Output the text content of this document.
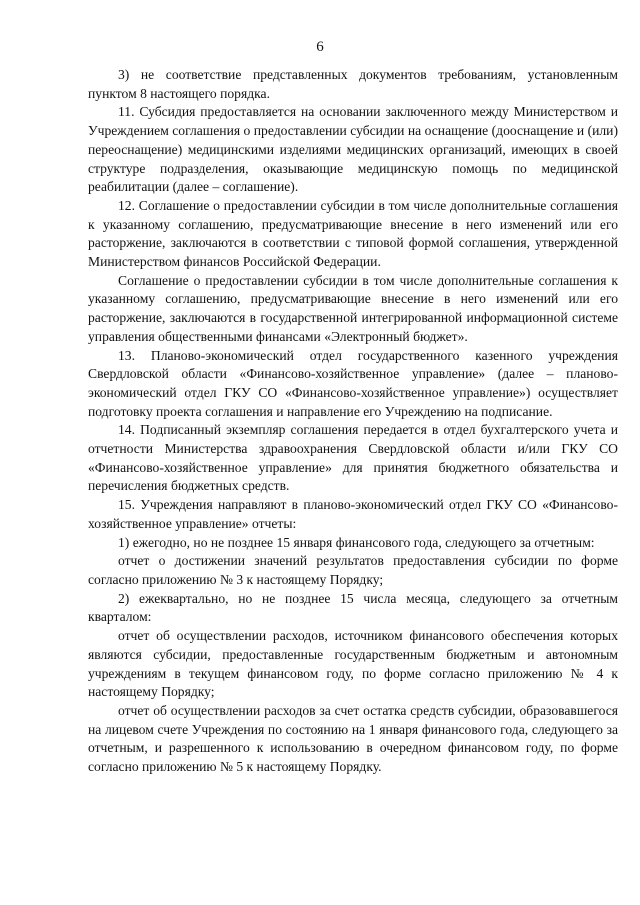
6

3) не соответствие представленных документов требованиям, установленным пунктом 8 настоящего порядка.

11. Субсидия предоставляется на основании заключенного между Министерством и Учреждением соглашения о предоставлении субсидии на оснащение (дооснащение и (или) переоснащение) медицинскими изделиями медицинских организаций, имеющих в своей структуре подразделения, оказывающие медицинскую помощь по медицинской реабилитации (далее – соглашение).

12. Соглашение о предоставлении субсидии в том числе дополнительные соглашения к указанному соглашению, предусматривающие внесение в него изменений или его расторжение, заключаются в соответствии с типовой формой соглашения, утвержденной Министерством финансов Российской Федерации.

Соглашение о предоставлении субсидии в том числе дополнительные соглашения к указанному соглашению, предусматривающие внесение в него изменений или его расторжение, заключаются в государственной интегрированной информационной системе управления общественными финансами «Электронный бюджет».

13. Планово-экономический отдел государственного казенного учреждения Свердловской области «Финансово-хозяйственное управление» (далее – планово-экономический отдел ГКУ СО «Финансово-хозяйственное управление») осуществляет подготовку проекта соглашения и направление его Учреждению на подписание.

14. Подписанный экземпляр соглашения передается в отдел бухгалтерского учета и отчетности Министерства здравоохранения Свердловской области и/или ГКУ СО «Финансово-хозяйственное управление» для принятия бюджетного обязательства и перечисления бюджетных средств.

15. Учреждения направляют в планово-экономический отдел ГКУ СО «Финансово-хозяйственное управление» отчеты:

1) ежегодно, но не позднее 15 января финансового года, следующего за отчетным:

отчет о достижении значений результатов предоставления субсидии по форме согласно приложению № 3 к настоящему Порядку;

2) ежеквартально, но не позднее 15 числа месяца, следующего за отчетным кварталом:

отчет об осуществлении расходов, источником финансового обеспечения которых являются субсидии, предоставленные государственным бюджетным и автономным учреждениям в текущем финансовом году, по форме согласно приложению № 4 к настоящему Порядку;

отчет об осуществлении расходов за счет остатка средств субсидии, образовавшегося на лицевом счете Учреждения по состоянию на 1 января финансового года, следующего за отчетным, и разрешенного к использованию в очередном финансовом году, по форме согласно приложению № 5 к настоящему Порядку.
